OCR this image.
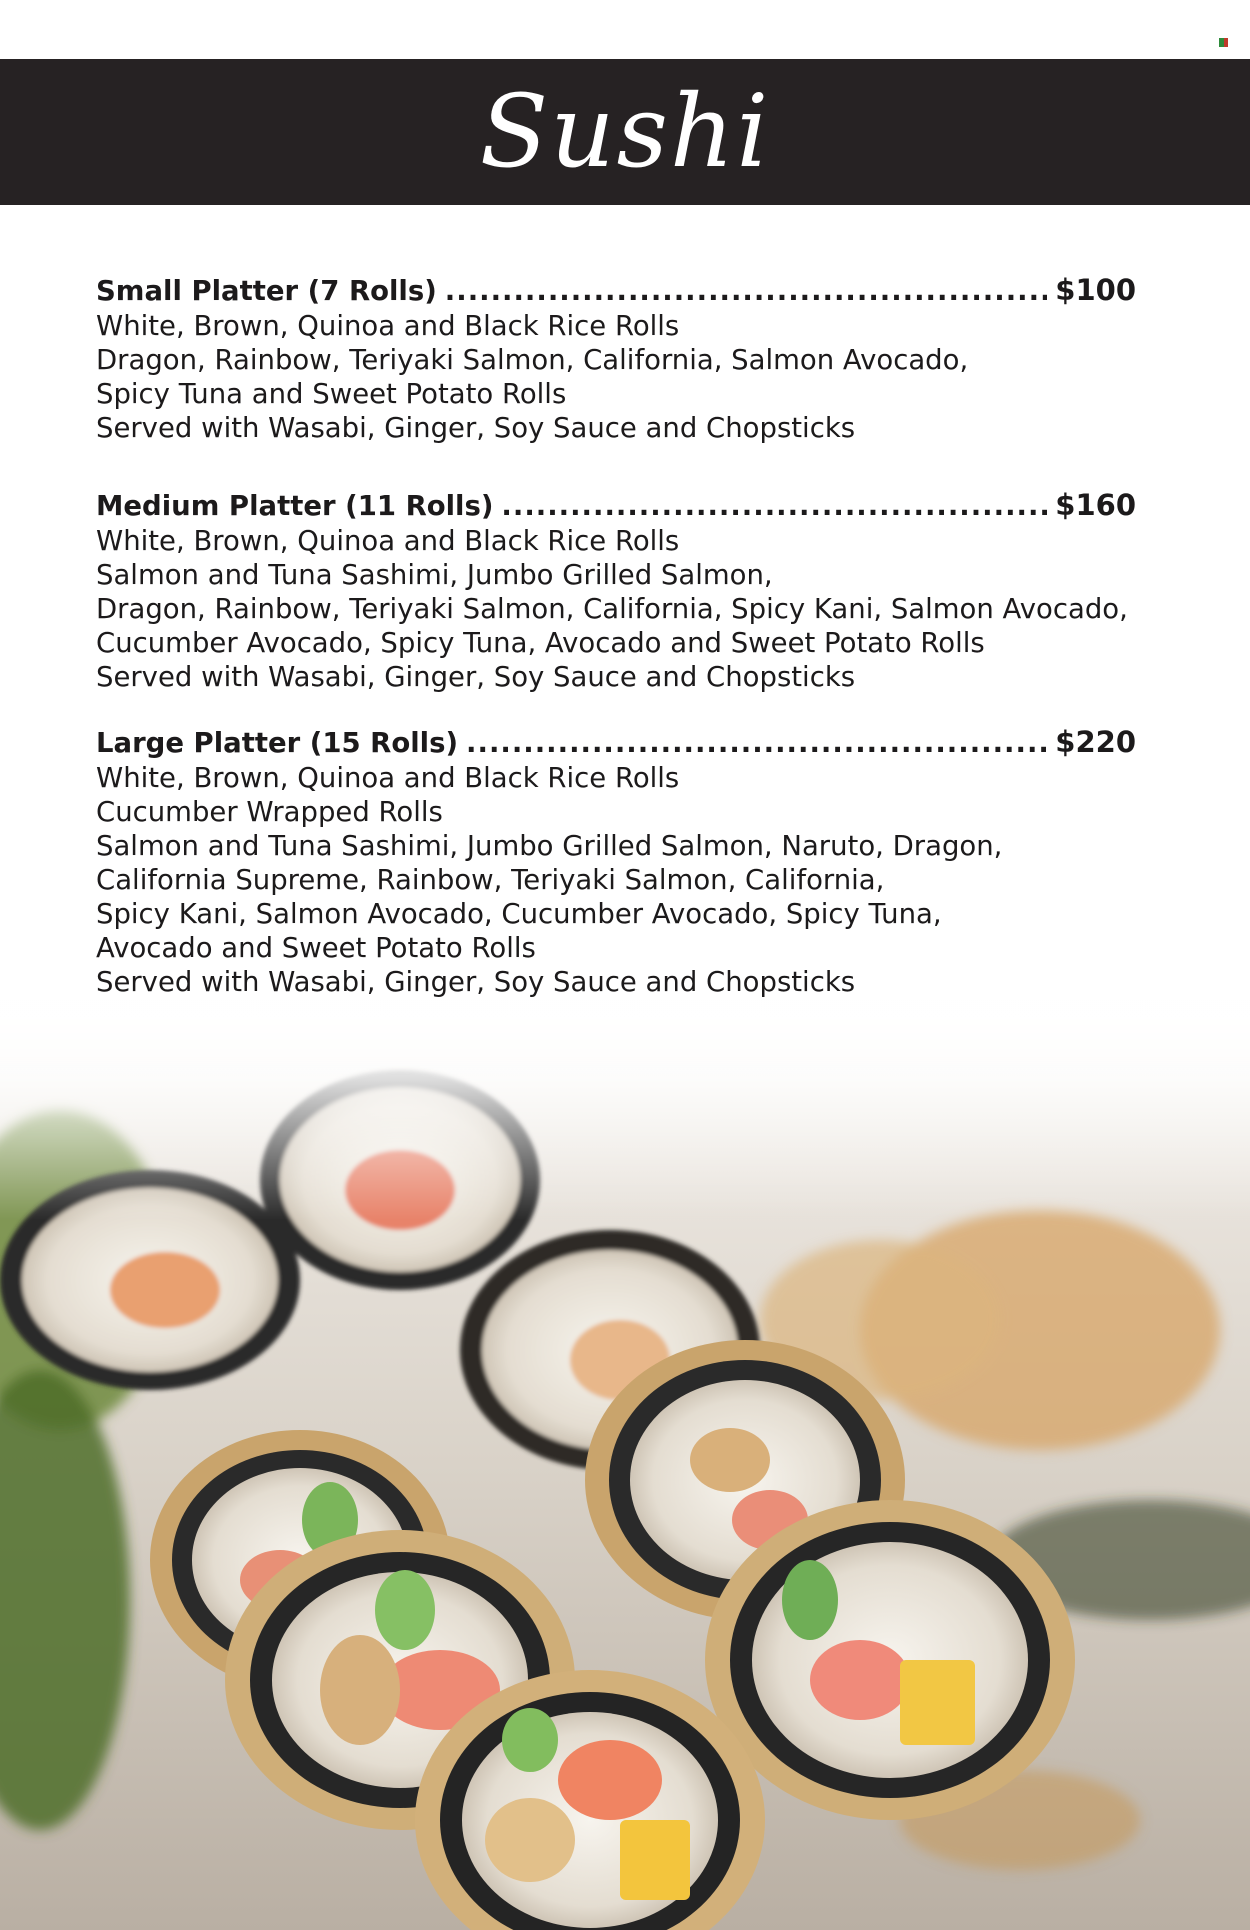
Sushi
Small Platter (7 Rolls) .....	$100
White, Brown, Quinoa and Black Rice Rolls
Dragon, Rainbow, Teriyaki Salmon, California, Salmon Avocado,
Spicy Tuna and Sweet Potato Rolls
Served with Wasabi, Ginger, Soy Sauce and Chopsticks
Medium Platter (11 Rolls) .....	$160
White, Brown, Quinoa and Black Rice Rolls
Salmon and Tuna Sashimi, Jumbo Grilled Salmon,
Dragon, Rainbow, Teriyaki Salmon, California, Spicy Kani, Salmon Avocado,
Cucumber Avocado, Spicy Tuna, Avocado and Sweet Potato Rolls
Served with Wasabi, Ginger, Soy Sauce and Chopsticks
Large Platter (15 Rolls) .....	$220
White, Brown, Quinoa and Black Rice Rolls
Cucumber Wrapped Rolls
Salmon and Tuna Sashimi, Jumbo Grilled Salmon, Naruto, Dragon,
California Supreme, Rainbow, Teriyaki Salmon, California,
Spicy Kani, Salmon Avocado, Cucumber Avocado, Spicy Tuna,
Avocado and Sweet Potato Rolls
Served with Wasabi, Ginger, Soy Sauce and Chopsticks
